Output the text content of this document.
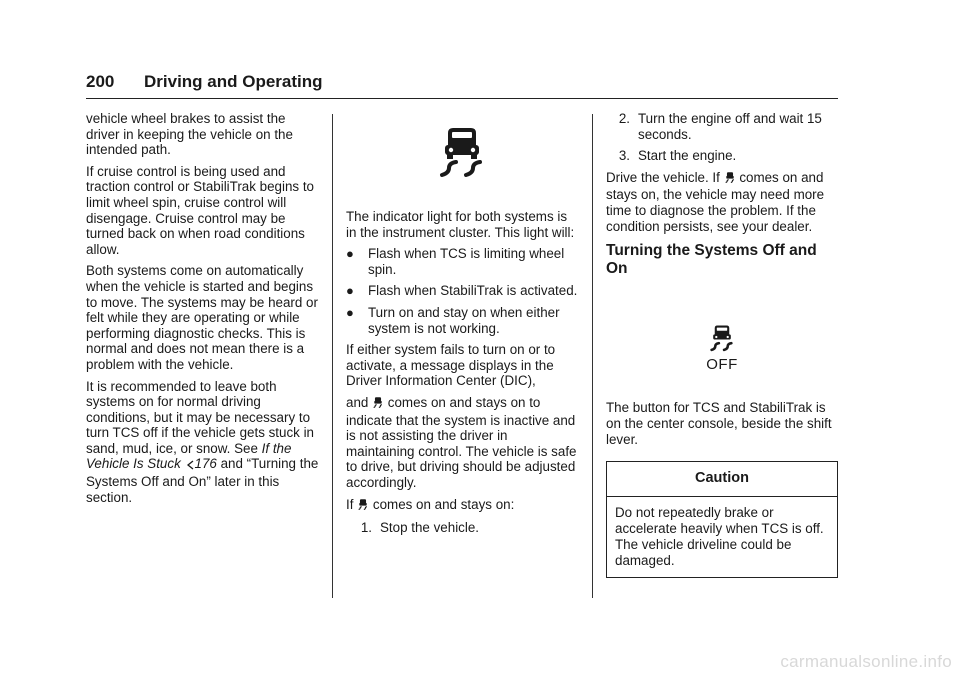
200 Driving and Operating

vehicle wheel brakes to assist the driver in keeping the vehicle on the intended path.

If cruise control is being used and traction control or StabiliTrak begins to limit wheel spin, cruise control will disengage. Cruise control may be turned back on when road conditions allow.

Both systems come on automatically when the vehicle is started and begins to move. The systems may be heard or felt while they are operating or while performing diagnostic checks. This is normal and does not mean there is a problem with the vehicle.

It is recommended to leave both systems on for normal driving conditions, but it may be necessary to turn TCS off if the vehicle gets stuck in sand, mud, ice, or snow. See If the Vehicle Is Stuck 176 and “Turning the Systems Off and On” later in this section.

The indicator light for both systems is in the instrument cluster. This light will:

●	Flash when TCS is limiting wheel spin.
●	Flash when StabiliTrak is activated.
●	Turn on and stay on when either system is not working.

If either system fails to turn on or to activate, a message displays in the Driver Information Center (DIC),

and  comes on and stays on to indicate that the system is inactive and is not assisting the driver in maintaining control. The vehicle is safe to drive, but driving should be adjusted accordingly.

If  comes on and stays on:

1. Stop the vehicle.
2. Turn the engine off and wait 15 seconds.
3. Start the engine.

Drive the vehicle. If  comes on and stays on, the vehicle may need more time to diagnose the problem. If the condition persists, see your dealer.

Turning the Systems Off and On
OFF

The button for TCS and StabiliTrak is on the center console, beside the shift lever.

Caution
Do not repeatedly brake or accelerate heavily when TCS is off. The vehicle driveline could be damaged.
carmanualsonline.info
